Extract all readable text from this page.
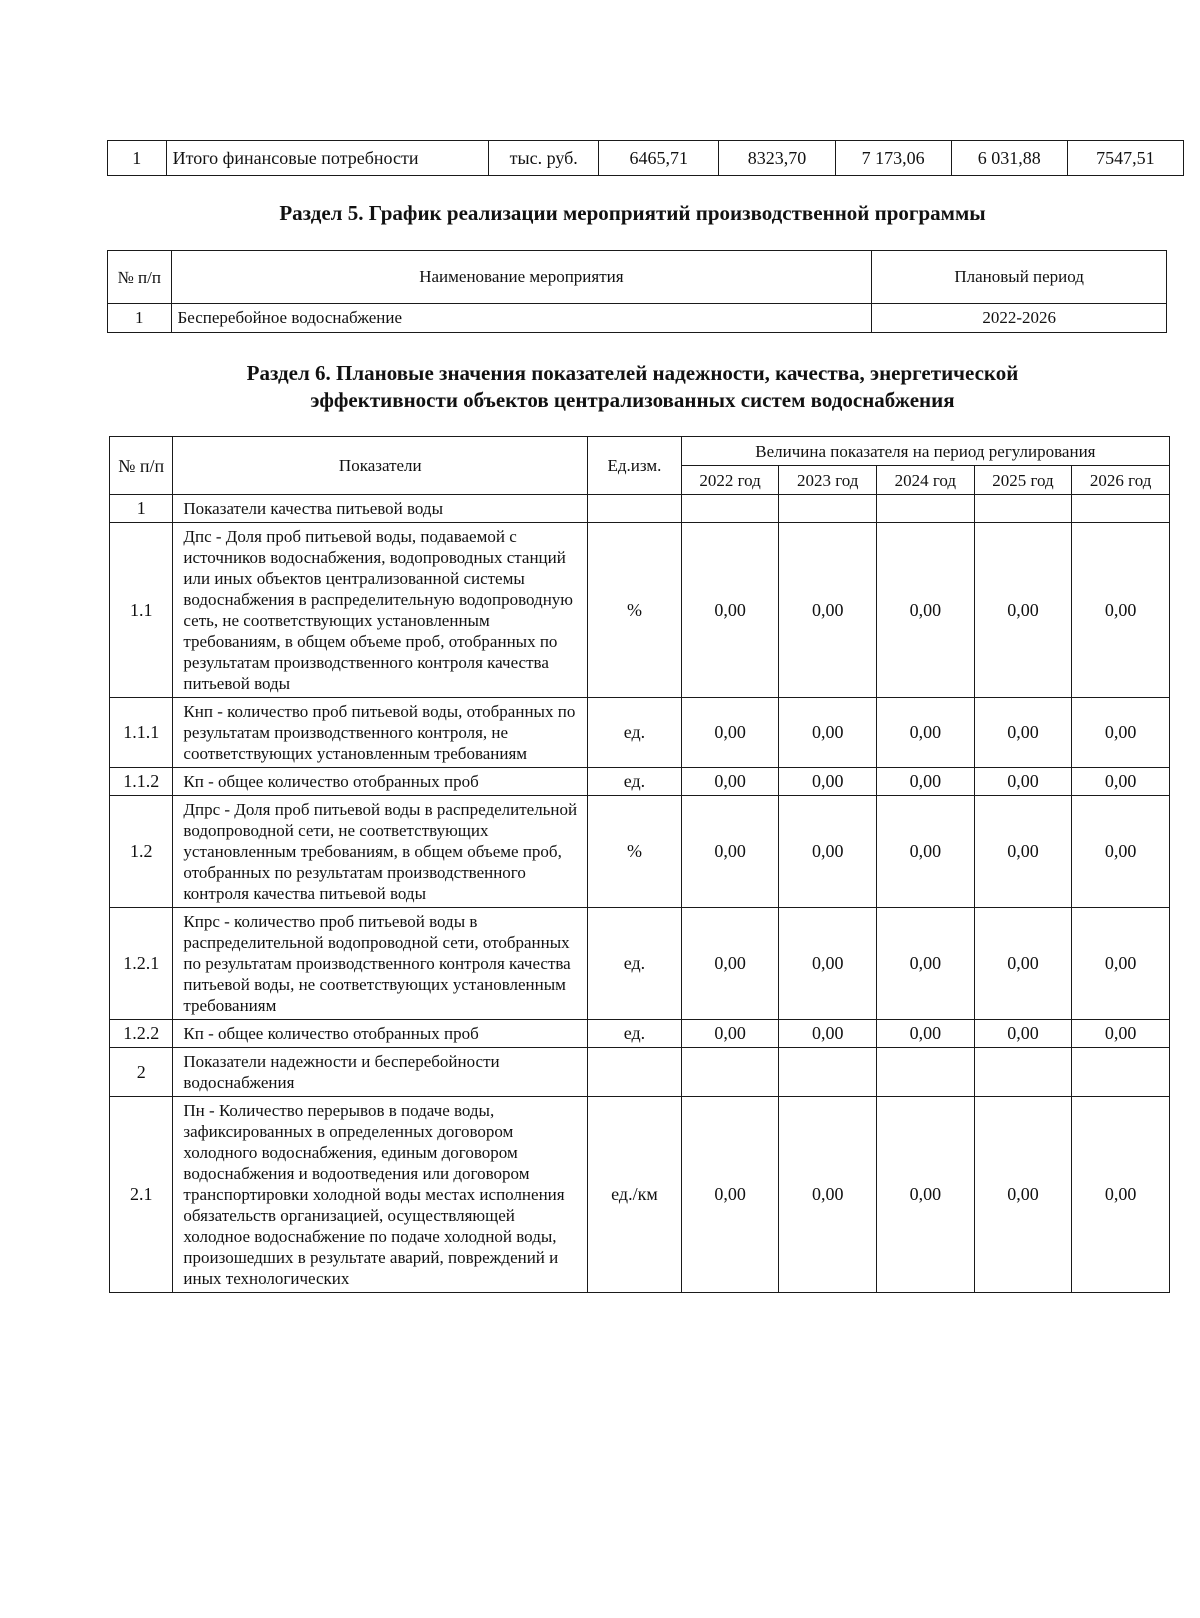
1	Итого финансовые потребности	тыс. руб.	6465,71	8323,70	7 173,06	6 031,88	7547,51
Раздел 5. График реализации мероприятий производственной программы
№ п/п	Наименование мероприятия	Плановый период
1	Бесперебойное водоснабжение	2022-2026
Раздел 6. Плановые значения показателей надежности, качества, энергетической
эффективности объектов централизованных систем водоснабжения
№ п/п	Показатели	Ед.изм.	Величина показателя на период регулирования				
			2022 год	2023 год	2024 год	2025 год	2026 год
1	Показатели качества питьевой воды						
1.1	Дпс - Доля проб питьевой воды, подаваемой с источников водоснабжения, водопроводных станций или иных объектов централизованной системы водоснабжения в распределительную водопроводную сеть, не соответствующих установленным требованиям, в общем объеме проб, отобранных по результатам производственного контроля качества питьевой воды	%	0,00	0,00	0,00	0,00	0,00
1.1.1	Кнп - количество проб питьевой воды, отобранных по результатам производственного контроля, не соответствующих установленным требованиям	ед.	0,00	0,00	0,00	0,00	0,00
1.1.2	Кп - общее количество отобранных проб	ед.	0,00	0,00	0,00	0,00	0,00
1.2	Дпрс - Доля проб питьевой воды в распределительной водопроводной сети, не соответствующих установленным требованиям, в общем объеме проб, отобранных по результатам производственного контроля качества питьевой воды	%	0,00	0,00	0,00	0,00	0,00
1.2.1	Кпрс - количество проб питьевой воды в распределительной водопроводной сети, отобранных по результатам производственного контроля качества питьевой воды, не соответствующих установленным требованиям	ед.	0,00	0,00	0,00	0,00	0,00
1.2.2	Кп - общее количество отобранных проб	ед.	0,00	0,00	0,00	0,00	0,00
2	Показатели надежности и бесперебойности водоснабжения						
2.1	Пн - Количество перерывов в подаче воды, зафиксированных в определенных договором холодного водоснабжения, единым договором водоснабжения и водоотведения или договором транспортировки холодной воды местах исполнения обязательств организацией, осуществляющей холодное водоснабжение по подаче холодной воды, произошедших в результате аварий, повреждений и иных технологических	ед./км	0,00	0,00	0,00	0,00	0,00
